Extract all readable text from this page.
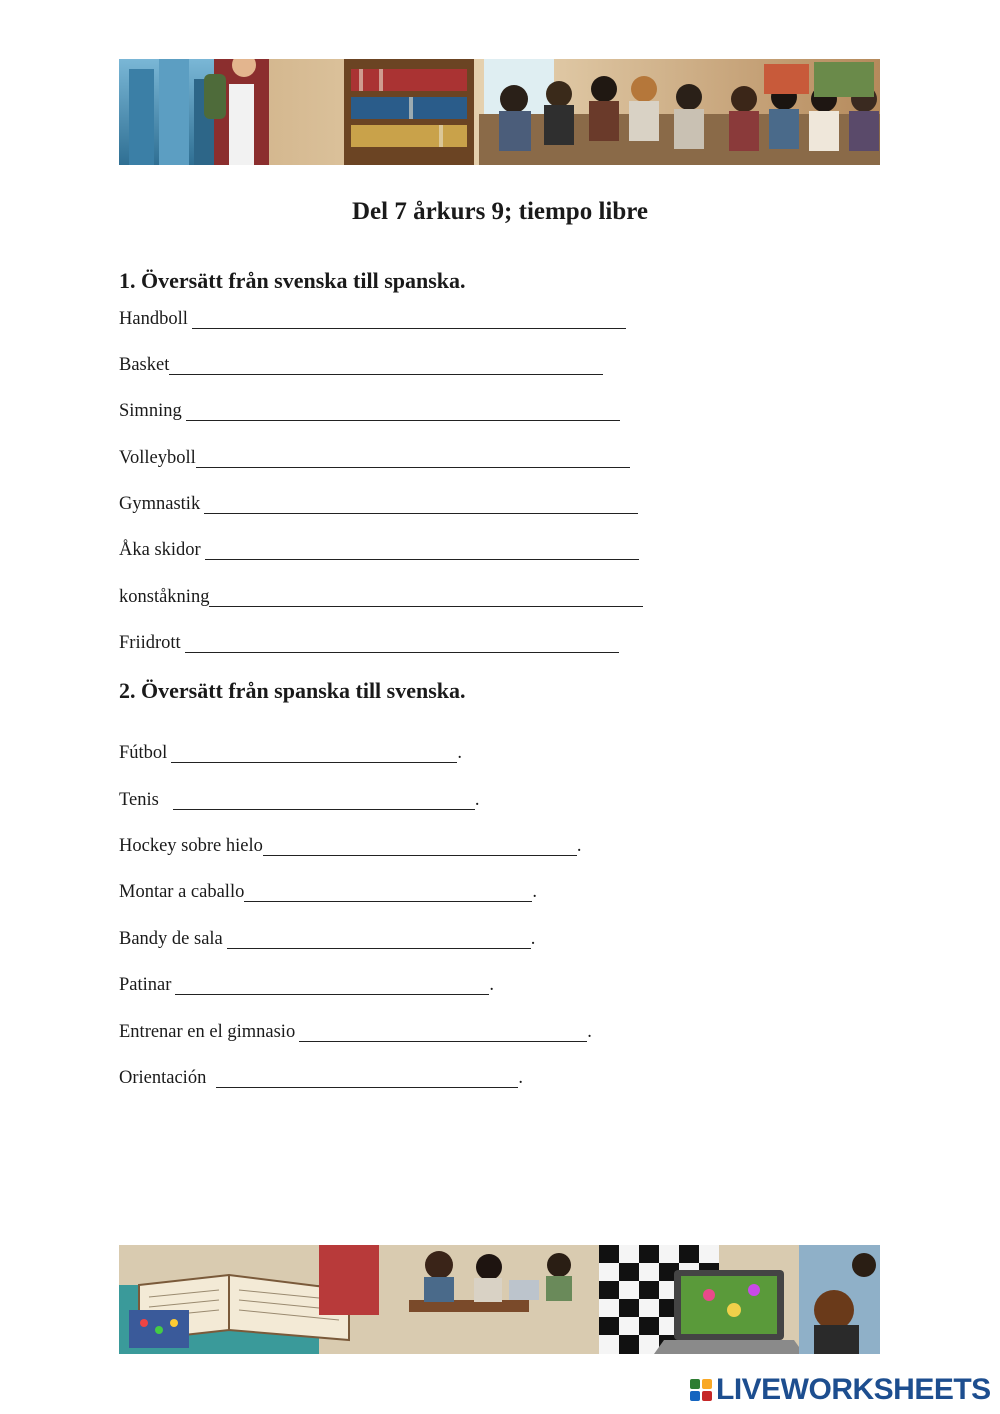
Del 7 årkurs 9; tiempo libre
1. Översätt från svenska till spanska.
Handboll
Basket
Simning
Volleyboll
Gymnastik
Åka skidor
konståkning
Friidrott
2. Översätt från spanska till svenska.
Fútbol	.
Tenis	.
Hockey sobre hielo	.
Montar a caballo	.
Bandy de sala	.
Patinar	.
Entrenar en el gimnasio	.
Orientación	.
LIVEWORKSHEETS
